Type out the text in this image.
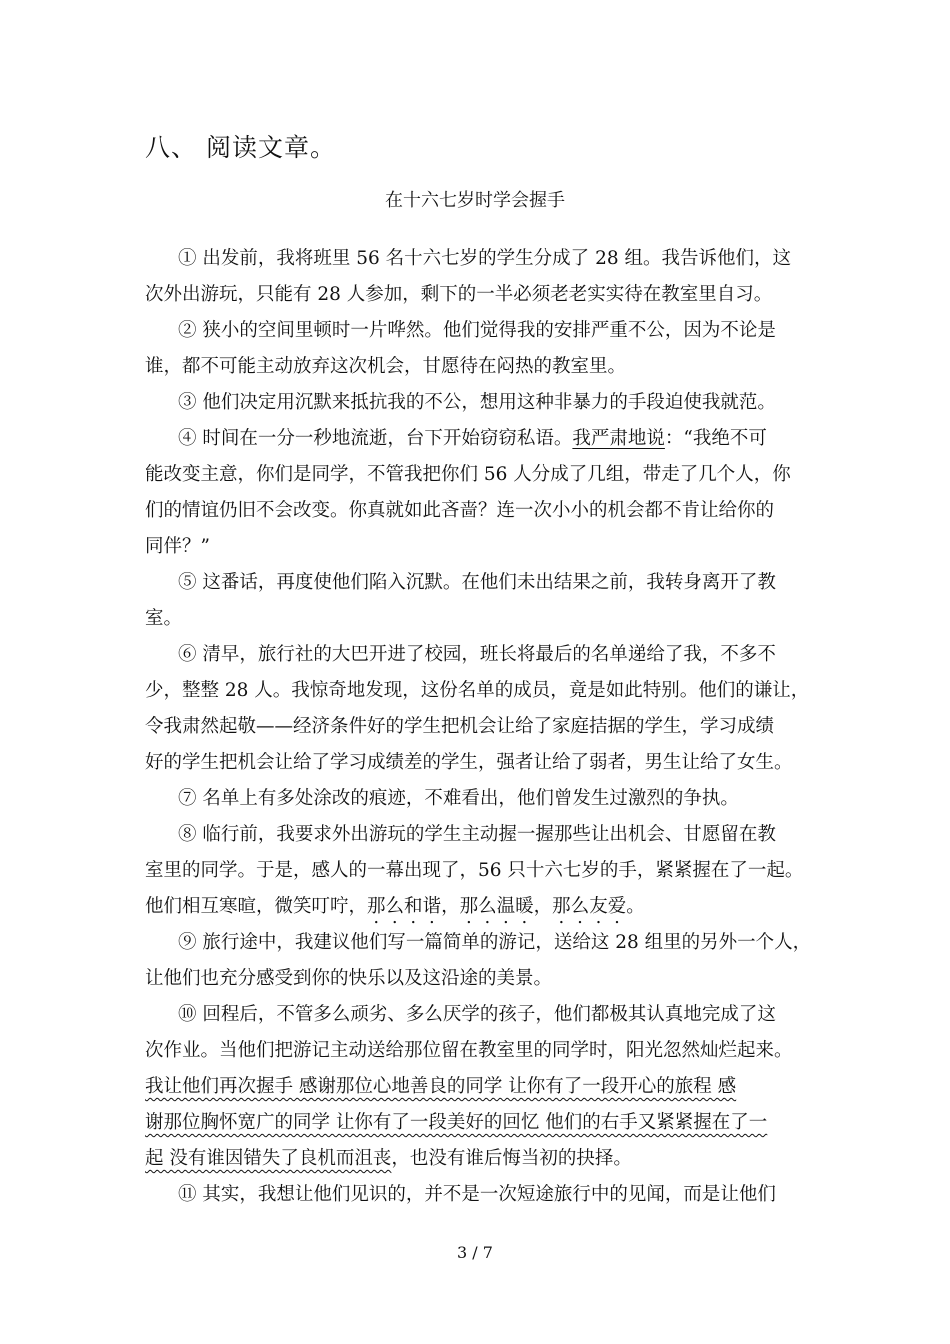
八、 阅读文章。
在十六七岁时学会握手
① 出发前，我将班里 56 名十六七岁的学生分成了 28 组。我告诉他们，这
次外出游玩，只能有 28 人参加，剩下的一半必须老老实实待在教室里自习。
② 狭小的空间里顿时一片哗然。他们觉得我的安排严重不公，因为不论是
谁，都不可能主动放弃这次机会，甘愿待在闷热的教室里。
③ 他们决定用沉默来抵抗我的不公，想用这种非暴力的手段迫使我就范。
④ 时间在一分一秒地流逝，台下开始窃窃私语。我严肃地说：“我绝不可
能改变主意，你们是同学，不管我把你们 56 人分成了几组，带走了几个人，你
们的情谊仍旧不会改变。你真就如此吝啬？连一次小小的机会都不肯让给你的
同伴？”
⑤ 这番话，再度使他们陷入沉默。在他们未出结果之前，我转身离开了教
室。
⑥ 清早，旅行社的大巴开进了校园，班长将最后的名单递给了我，不多不
少，整整 28 人。我惊奇地发现，这份名单的成员，竟是如此特别。他们的谦让，
令我肃然起敬——经济条件好的学生把机会让给了家庭拮据的学生，学习成绩
好的学生把机会让给了学习成绩差的学生，强者让给了弱者，男生让给了女生。
⑦ 名单上有多处涂改的痕迹，不难看出，他们曾发生过激烈的争执。
⑧ 临行前，我要求外出游玩的学生主动握一握那些让出机会、甘愿留在教
室里的同学。于是，感人的一幕出现了，56 只十六七岁的手，紧紧握在了一起。
他们相互寒暄，微笑叮咛，那么和谐，那么温暖，那么友爱。
⑨ 旅行途中，我建议他们写一篇简单的游记，送给这 28 组里的另外一个人，
让他们也充分感受到你的快乐以及这沿途的美景。
⑩ 回程后，不管多么顽劣、多么厌学的孩子，他们都极其认真地完成了这
次作业。当他们把游记主动送给那位留在教室里的同学时，阳光忽然灿烂起来。
我让他们再次握手 感谢那位心地善良的同学 让你有了一段开心的旅程 感
谢那位胸怀宽广的同学 让你有了一段美好的回忆 他们的右手又紧紧握在了一
起 没有谁因错失了良机而沮丧，也没有谁后悔当初的抉择。
⑪ 其实，我想让他们见识的，并不是一次短途旅行中的见闻，而是让他们
3 / 7
